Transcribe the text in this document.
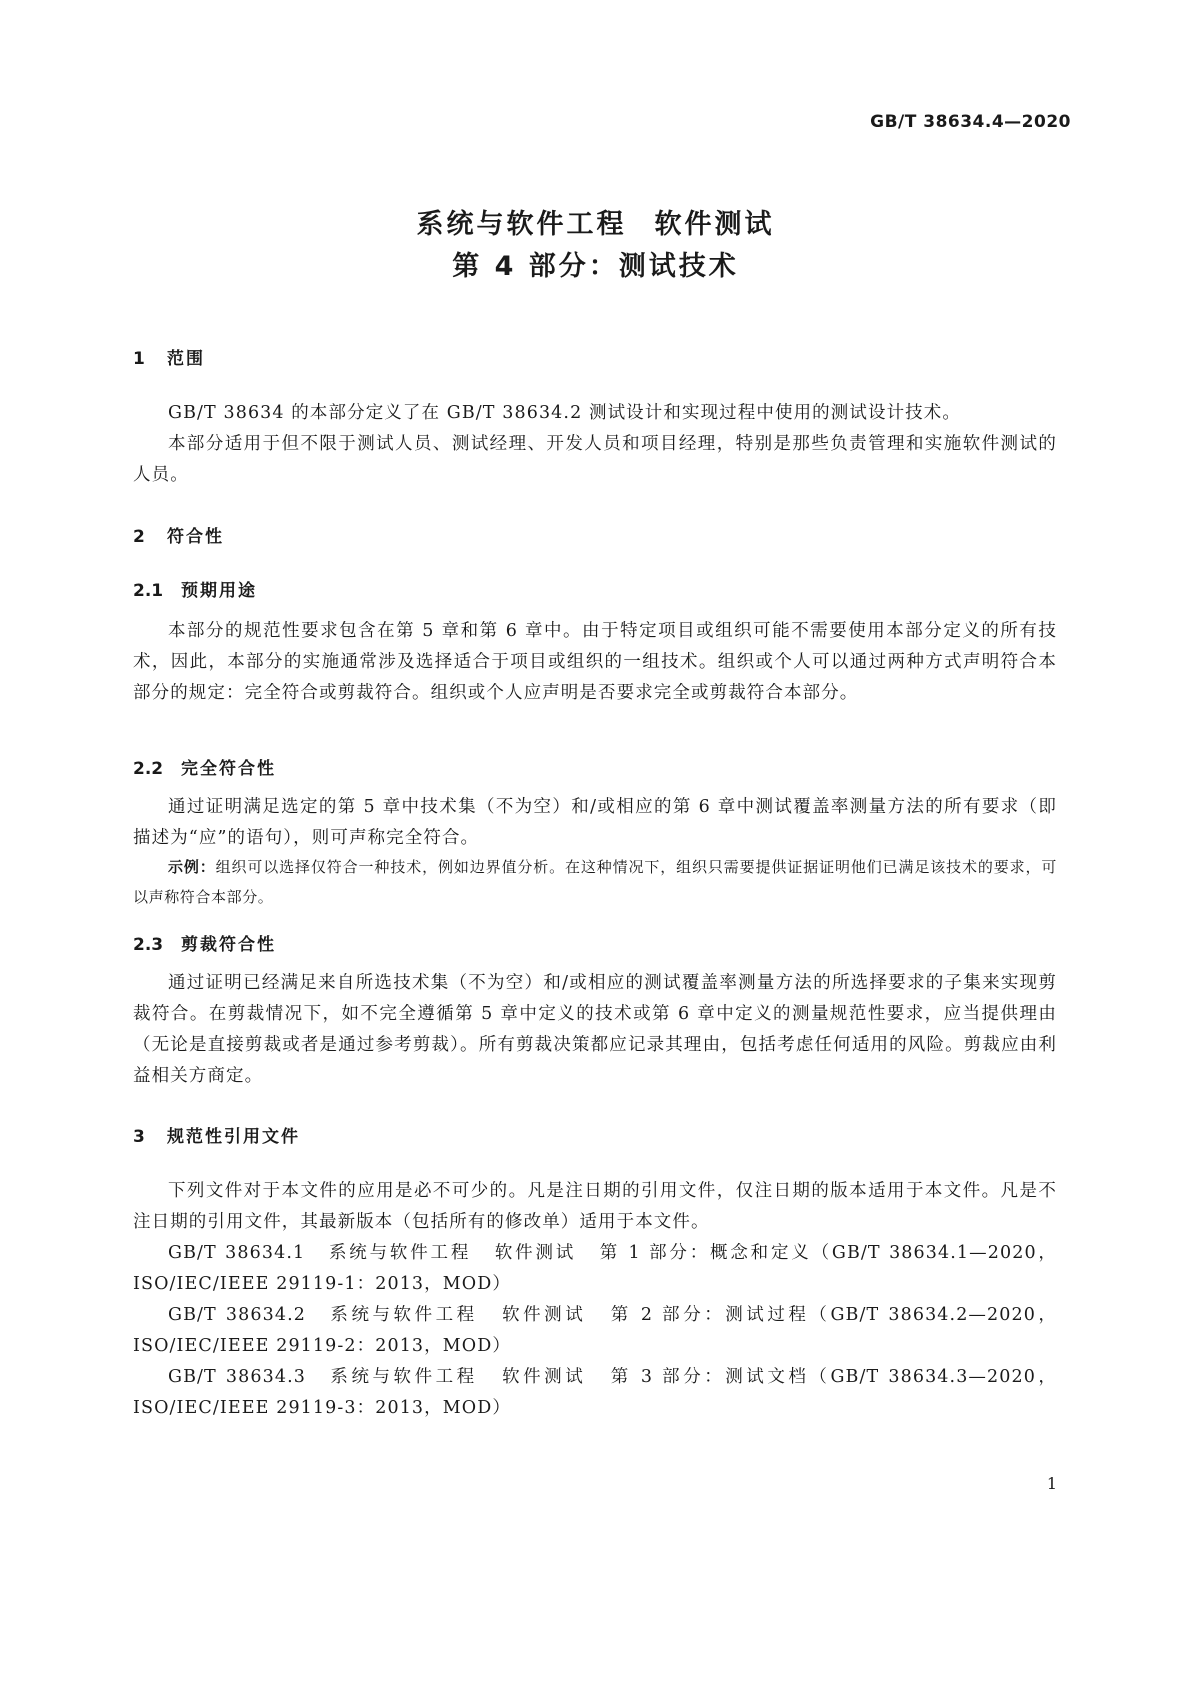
GB/T 38634.4—2020
系统与软件工程 软件测试
第 4 部分：测试技术
1 范围

GB/T 38634 的本部分定义了在 GB/T 38634.2 测试设计和实现过程中使用的测试设计技术。

本部分适用于但不限于测试人员、测试经理、开发人员和项目经理，特别是那些负责管理和实施软件测试的人员。

2 符合性
2.1 预期用途

本部分的规范性要求包含在第 5 章和第 6 章中。由于特定项目或组织可能不需要使用本部分定义的所有技术，因此，本部分的实施通常涉及选择适合于项目或组织的一组技术。组织或个人可以通过两种方式声明符合本部分的规定：完全符合或剪裁符合。组织或个人应声明是否要求完全或剪裁符合本部分。

2.2 完全符合性

通过证明满足选定的第 5 章中技术集（不为空）和/或相应的第 6 章中测试覆盖率测量方法的所有要求（即描述为“应”的语句），则可声称完全符合。

示例：组织可以选择仅符合一种技术，例如边界值分析。在这种情况下，组织只需要提供证据证明他们已满足该技术的要求，可以声称符合本部分。

2.3 剪裁符合性

通过证明已经满足来自所选技术集（不为空）和/或相应的测试覆盖率测量方法的所选择要求的子集来实现剪裁符合。在剪裁情况下，如不完全遵循第 5 章中定义的技术或第 6 章中定义的测量规范性要求，应当提供理由（无论是直接剪裁或者是通过参考剪裁）。所有剪裁决策都应记录其理由，包括考虑任何适用的风险。剪裁应由利益相关方商定。

3 规范性引用文件

下列文件对于本文件的应用是必不可少的。凡是注日期的引用文件，仅注日期的版本适用于本文件。凡是不注日期的引用文件，其最新版本（包括所有的修改单）适用于本文件。

GB/T 38634.1 系统与软件工程 软件测试 第 1 部分：概念和定义（GB/T 38634.1—2020，ISO/IEC/IEEE 29119-1：2013，MOD）

GB/T 38634.2 系统与软件工程 软件测试 第 2 部分：测试过程（GB/T 38634.2—2020，ISO/IEC/IEEE 29119-2：2013，MOD）

GB/T 38634.3 系统与软件工程 软件测试 第 3 部分：测试文档（GB/T 38634.3—2020，ISO/IEC/IEEE 29119-3：2013，MOD）

1
